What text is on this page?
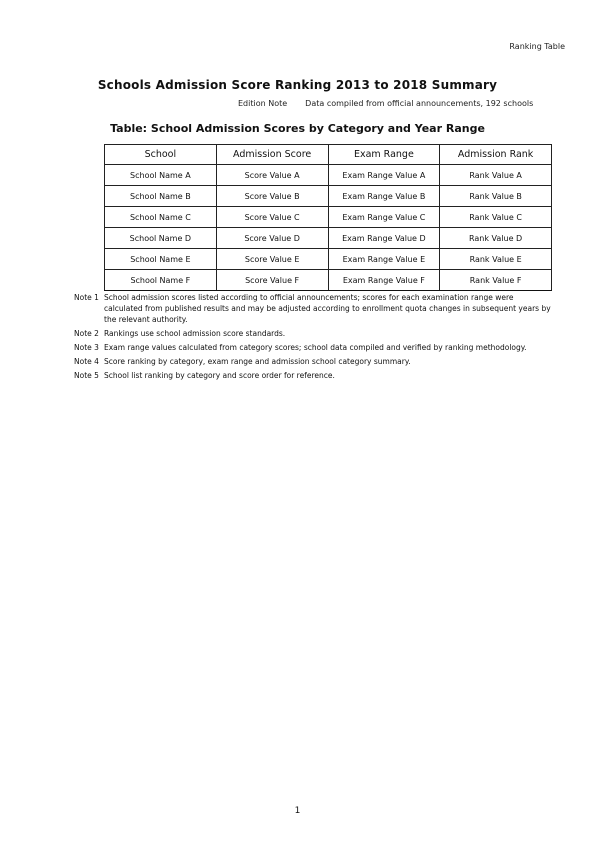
Ranking Table
Schools Admission Score Ranking 2013 to 2018 Summary
Edition Note Data compiled from official announcements, 192 schools
Table: School Admission Scores by Category and Year Range
School	Admission Score	Exam Range	Admission Rank
School Name A	Score Value A	Exam Range Value A	Rank Value A
School Name B	Score Value B	Exam Range Value B	Rank Value B
School Name C	Score Value C	Exam Range Value C	Rank Value C
School Name D	Score Value D	Exam Range Value D	Rank Value D
School Name E	Score Value E	Exam Range Value E	Rank Value E
School Name F	Score Value F	Exam Range Value F	Rank Value F
Note 1 School admission scores listed according to official announcements; scores for each examination range were calculated from published results and may be adjusted according to enrollment quota changes in subsequent years by the relevant authority.
Note 2 Rankings use school admission score standards.
Note 3 Exam range values calculated from category scores; school data compiled and verified by ranking methodology.
Note 4 Score ranking by category, exam range and admission school category summary.
Note 5 School list ranking by category and score order for reference.
1
